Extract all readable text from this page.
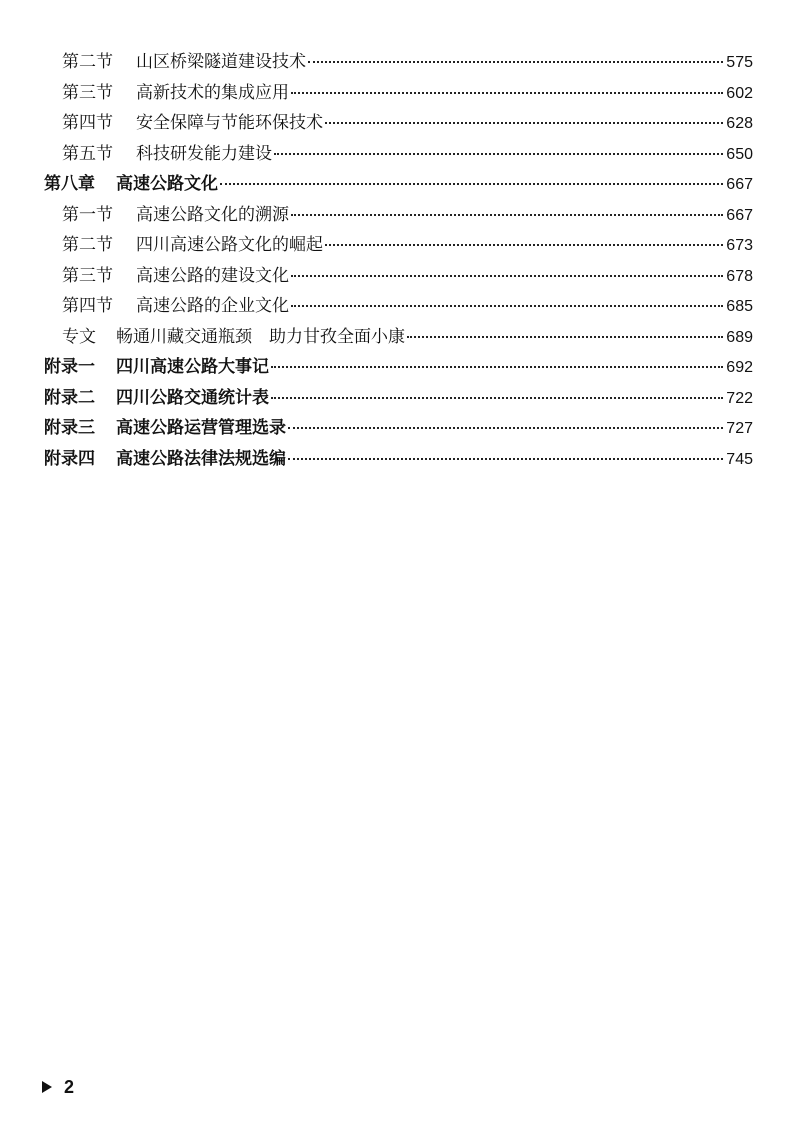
第二节	山区桥梁隧道建设技术	575
第三节	高新技术的集成应用	602
第四节	安全保障与节能环保技术	628
第五节	科技研发能力建设	650
第八章	高速公路文化	667
第一节	高速公路文化的溯源	667
第二节	四川高速公路文化的崛起	673
第三节	高速公路的建设文化	678
第四节	高速公路的企业文化	685
专文	畅通川藏交通瓶颈　助力甘孜全面小康	689
附录一	四川高速公路大事记	692
附录二	四川公路交通统计表	722
附录三	高速公路运营管理选录	727
附录四	高速公路法律法规选编	745
2
